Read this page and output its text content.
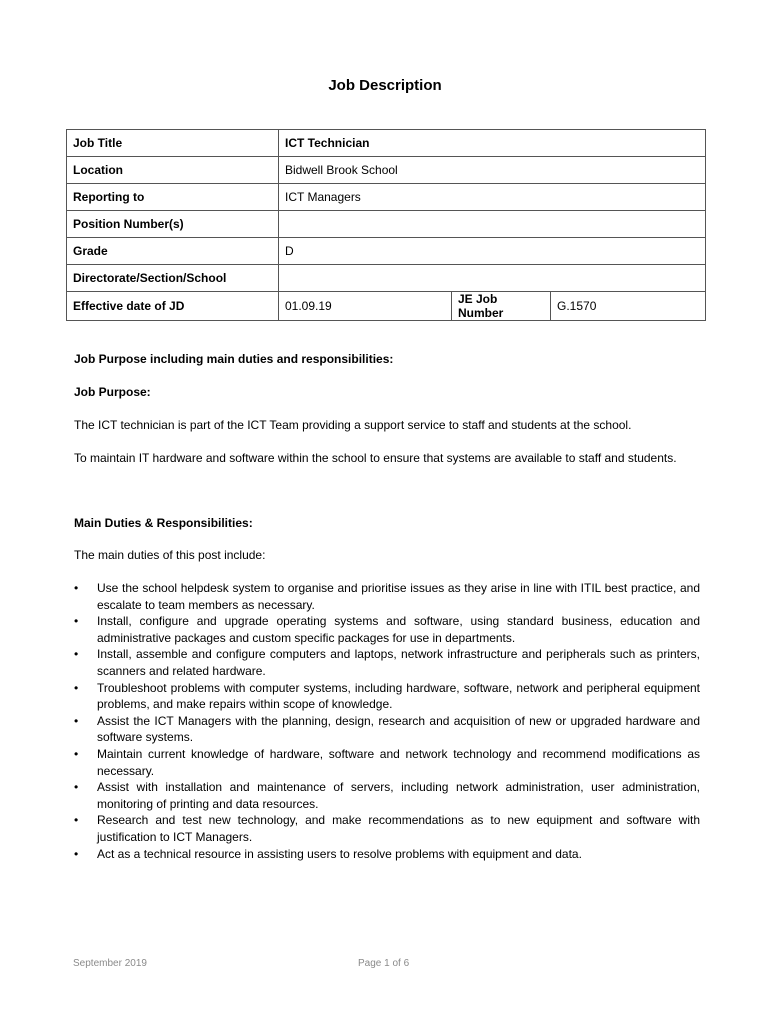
Job Description
Job Title	ICT Technician		
Location	Bidwell Brook School		
Reporting to	ICT Managers		
Position Number(s)			
Grade	D		
Directorate/Section/School			
Effective date of JD	01.09.19	JE Job Number	G.1570
Job Purpose including main duties and responsibilities:
Job Purpose:
The ICT technician is part of the ICT Team providing a support service to staff and students at the school.
To maintain IT hardware and software within the school to ensure that systems are available to staff and students.
Main Duties & Responsibilities:
The main duties of this post include:
• Use the school helpdesk system to organise and prioritise issues as they arise in line with ITIL best practice, and escalate to team members as necessary.
• Install, configure and upgrade operating systems and software, using standard business, education and administrative packages and custom specific packages for use in departments.
• Install, assemble and configure computers and laptops, network infrastructure and peripherals such as printers, scanners and related hardware.
• Troubleshoot problems with computer systems, including hardware, software, network and peripheral equipment problems, and make repairs within scope of knowledge.
• Assist the ICT Managers with the planning, design, research and acquisition of new or upgraded hardware and software systems.
• Maintain current knowledge of hardware, software and network technology and recommend modifications as necessary.
• Assist with installation and maintenance of servers, including network administration, user administration, monitoring of printing and data resources.
• Research and test new technology, and make recommendations as to new equipment and software with justification to ICT Managers.
• Act as a technical resource in assisting users to resolve problems with equipment and data.
September 2019	Page 1 of 6
